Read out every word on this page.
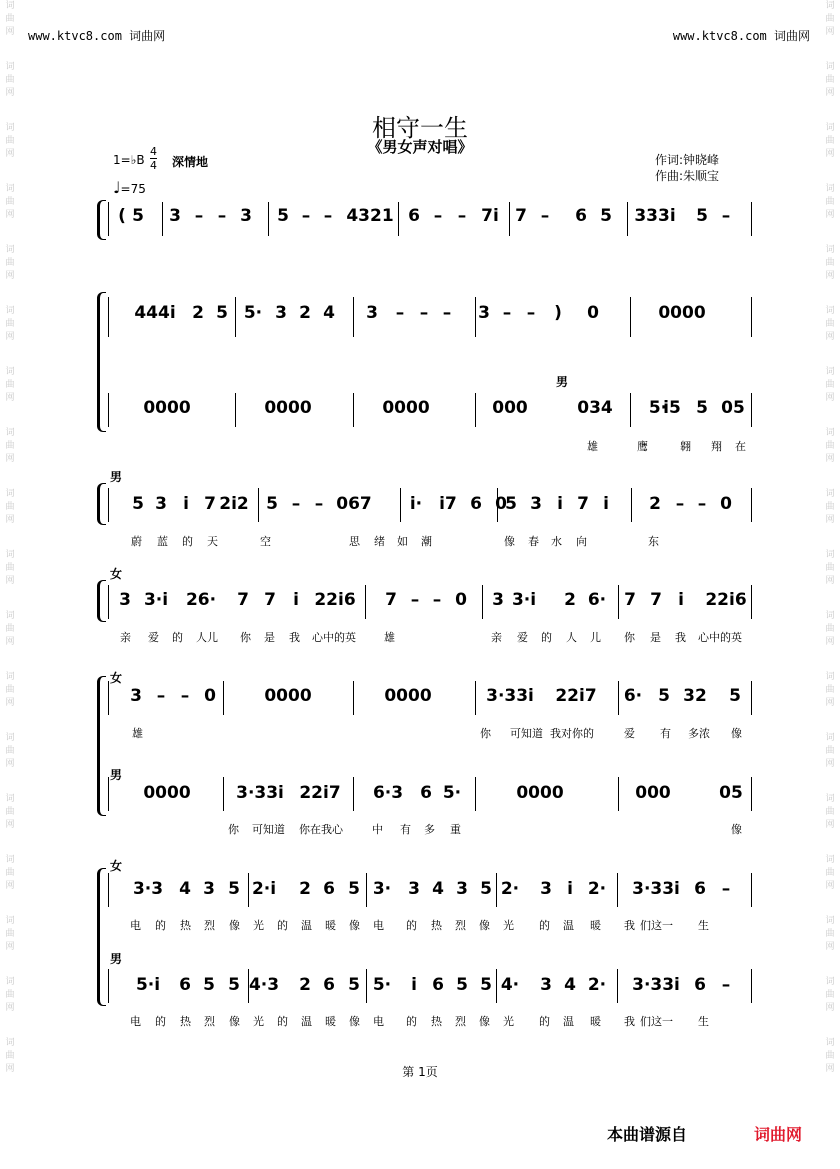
词
曲
网
词
曲
网
词
曲
网
词
曲
网
词
曲
网
词
曲
网
词
曲
网
词
曲
网
词
曲
网
词
曲
网
词
曲
网
词
曲
网
词
曲
网
词
曲
网
词
曲
网
词
曲
网
词
曲
网
词
曲
网
词
曲
网
词
曲
网
词
曲
网
词
曲
网
词
曲
网
词
曲
网
词
曲
网
词
曲
网
词
曲
网
词
曲
网
词
曲
网
词
曲
网
词
曲
网
词
曲
网
词
曲
网
词
曲
网
词
曲
网
词
曲
网
www.ktvc8.com 词曲网	www.ktvc8.com 词曲网
相守一生
《男女声对唱》
1=♭B
4
4 深情地
♩=75
作词:钟晓峰
作曲:朱顺宝
( 5 3 – – 3 5 – – 4321 6 – – 7i 7 – 6 5 333i 5 –
444i 2 5 5· 3 2 4 3 – – – 3 – – ) 0	0000
0000	0000	0000	000	034 5·
i5 5 05
男
雄	鹰	翱 翔 在
男
5 3 i 7 2i2 5 – – 067 i· i7 6 0
5 3 i 7 i 2 – – 0
蔚 蓝 的 天	空	思 绪 如 潮	像 春 水 向	东
女
3 3·i 26· 7 7 i 22i6 7 – – 0 3 3·i 2 6· 7 7 i 22i6
亲 爱 的 人儿 你 是 我 心中的英	雄	亲 爱 的 人 儿 你 是 我 心中的英
女
3 – – 0	0000	0000	3·33i 22i7 6· 5 32 5
雄	你 可知道 我对你的	爱 有 多浓 像
男
0000	3·33i 22i7 6·3 6 5·	0000	000	05
你 可知道 你在我心	中 有 多 重	像
女
3·3 4 3 5 2·i 2 6 5 3· 3 4 3 5 2· 3 i 2· 3·33i 6 –
电 的 热 烈 像 光 的 温 暖 像 电 的 热 烈 像 光 的 温 暖 我 们这一 生
男
5·i 6 5 5 4·3 2 6 5 5· i 6 5 5 4· 3 4 2· 3·33i 6 –
电 的 热 烈 像 光 的 温 暖 像 电 的 热 烈 像 光 的 温 暖 我 们这一 生
第 1页
本曲谱源自	词曲网
